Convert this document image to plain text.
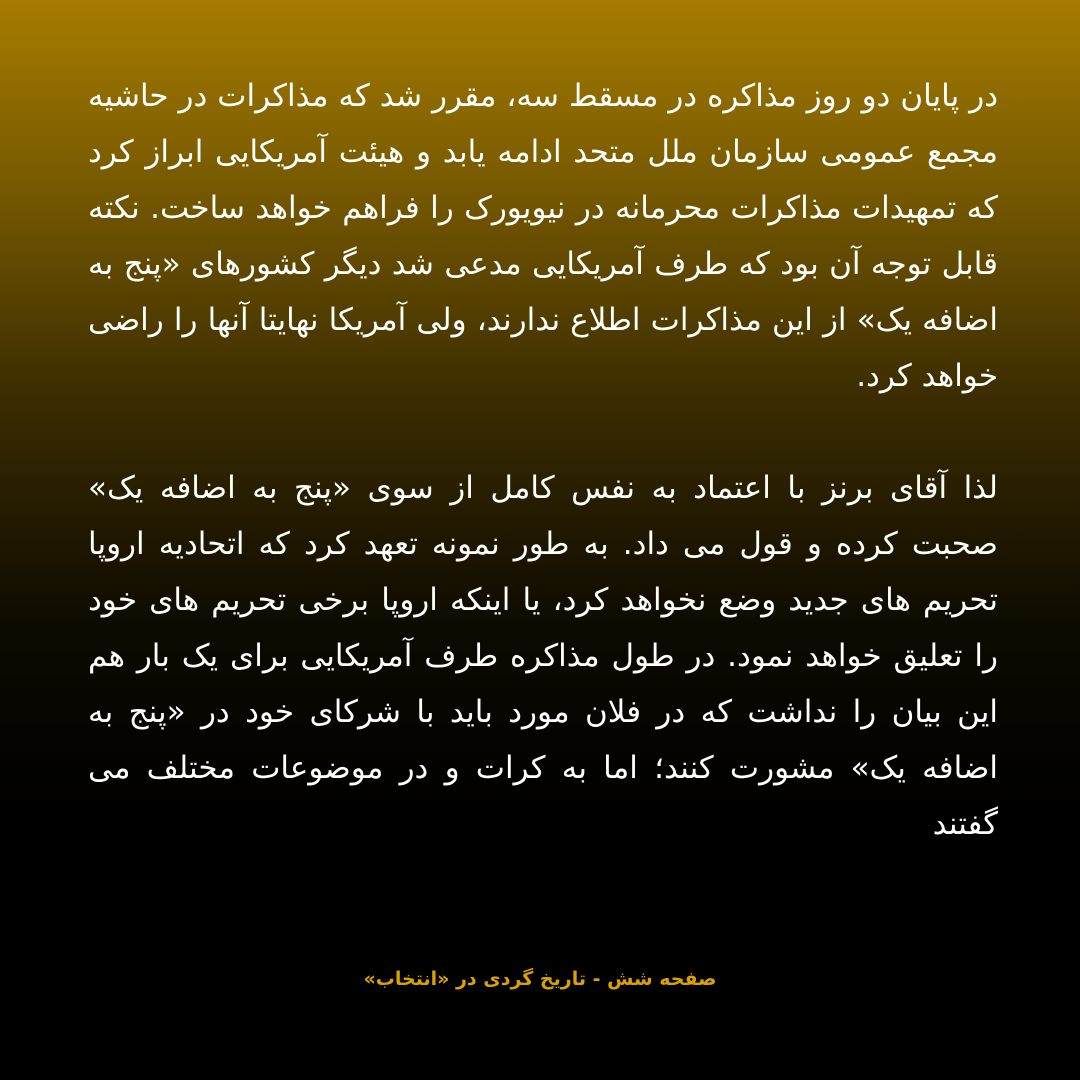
در پایان دو روز مذاکره در مسقط سه، مقرر شد که مذاکرات در حاشیه مجمع عمومی سازمان ملل متحد ادامه یابد و هیئت آمریکایی ابراز کرد که تمهیدات مذاکرات محرمانه در نیویورک را فراهم خواهد ساخت. نکته قابل توجه آن بود که طرف آمریکایی مدعی شد دیگر کشورهای «پنج به اضافه یک» از این مذاکرات اطلاع ندارند، ولی آمریکا نهایتا آنها را راضی خواهد کرد.

لذا آقای برنز با اعتماد به نفس کامل از سوی «پنج به اضافه یک» صحبت کرده و قول می داد. به طور نمونه تعهد کرد که اتحادیه اروپا تحریم های جدید وضع نخواهد کرد، یا اینکه اروپا برخی تحریم های خود را تعلیق خواهد نمود. در طول مذاکره طرف آمریکایی برای یک بار هم این بیان را نداشت که در فلان مورد باید با شرکای خود در «پنج به اضافه یک» مشورت کنند؛ اما به کرات و در موضوعات مختلف می گفتند

صفحه شش - تاریخ گردی در «انتخاب»
